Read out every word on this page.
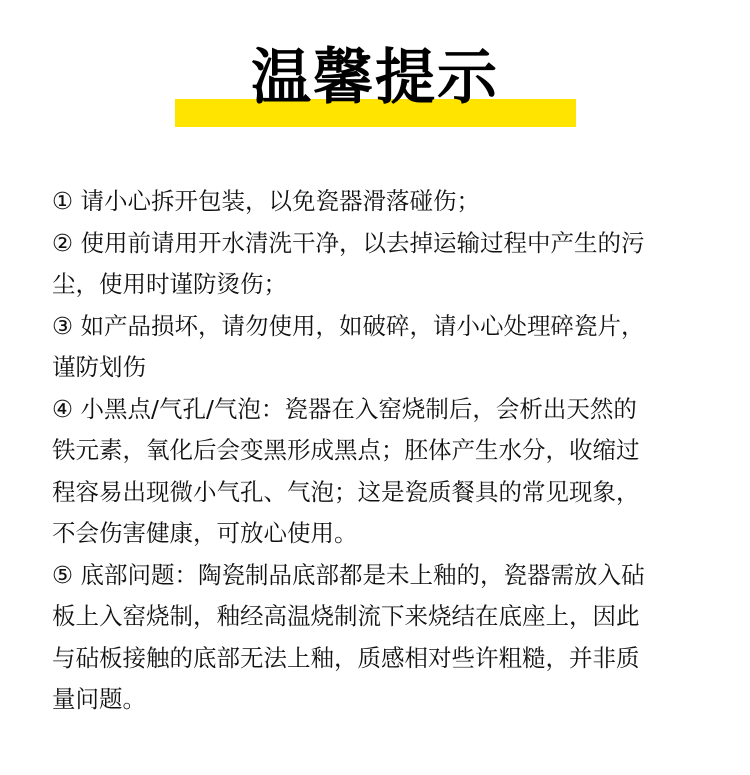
温馨提示
① 请小心拆开包装，以免瓷器滑落碰伤；
② 使用前请用开水清洗干净，以去掉运输过程中产生的污
尘，使用时谨防烫伤；
③ 如产品损坏，请勿使用，如破碎，请小心处理碎瓷片，
谨防划伤
④ 小黑点/气孔/气泡：瓷器在入窑烧制后，会析出天然的
铁元素，氧化后会变黑形成黑点；胚体产生水分，收缩过
程容易出现微小气孔、气泡；这是瓷质餐具的常见现象，
不会伤害健康，可放心使用。
⑤ 底部问题：陶瓷制品底部都是未上釉的，瓷器需放入砧
板上入窑烧制，釉经高温烧制流下来烧结在底座上，因此
与砧板接触的底部无法上釉，质感相对些许粗糙，并非质
量问题。
